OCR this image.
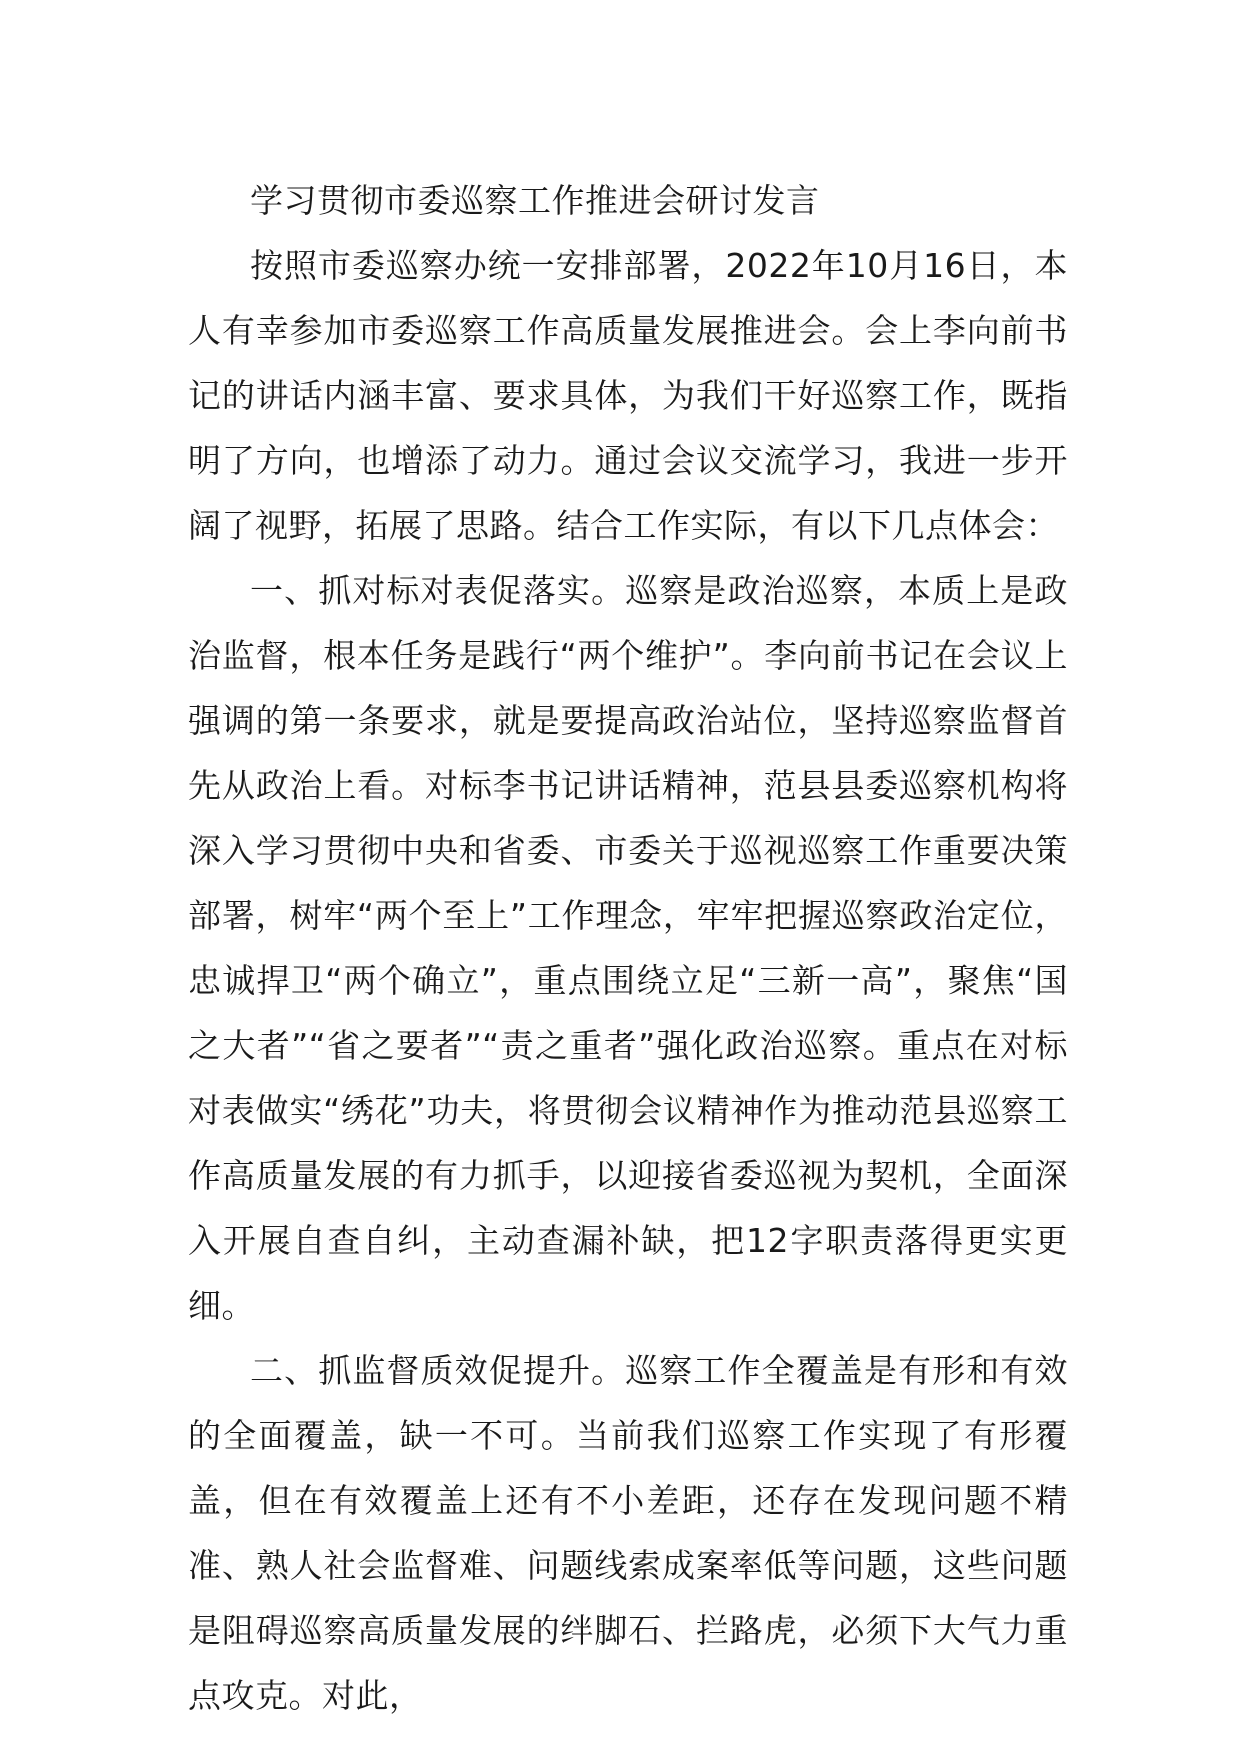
学习贯彻市委巡察工作推进会研讨发言

按照市委巡察办统一安排部署，2022年10月16日，本人有幸参加市委巡察工作高质量发展推进会。会上李向前书记的讲话内涵丰富、要求具体，为我们干好巡察工作，既指明了方向，也增添了动力。通过会议交流学习，我进一步开阔了视野，拓展了思路。结合工作实际，有以下几点体会：

一、抓对标对表促落实。巡察是政治巡察，本质上是政治监督，根本任务是践行“两个维护”。李向前书记在会议上强调的第一条要求，就是要提高政治站位，坚持巡察监督首先从政治上看。对标李书记讲话精神，范县县委巡察机构将深入学习贯彻中央和省委、市委关于巡视巡察工作重要决策部署，树牢“两个至上”工作理念，牢牢把握巡察政治定位，忠诚捍卫“两个确立”，重点围绕立足“三新一高”，聚焦“国之大者”“省之要者”“责之重者”强化政治巡察。重点在对标对表做实“绣花”功夫，将贯彻会议精神作为推动范县巡察工作高质量发展的有力抓手，以迎接省委巡视为契机，全面深入开展自查自纠，主动查漏补缺，把12字职责落得更实更细。

二、抓监督质效促提升。巡察工作全覆盖是有形和有效的全面覆盖，缺一不可。当前我们巡察工作实现了有形覆盖，但在有效覆盖上还有不小差距，还存在发现问题不精准、熟人社会监督难、问题线索成案率低等问题，这些问题是阻碍巡察高质量发展的绊脚石、拦路虎，必须下大气力重点攻克。对此，
